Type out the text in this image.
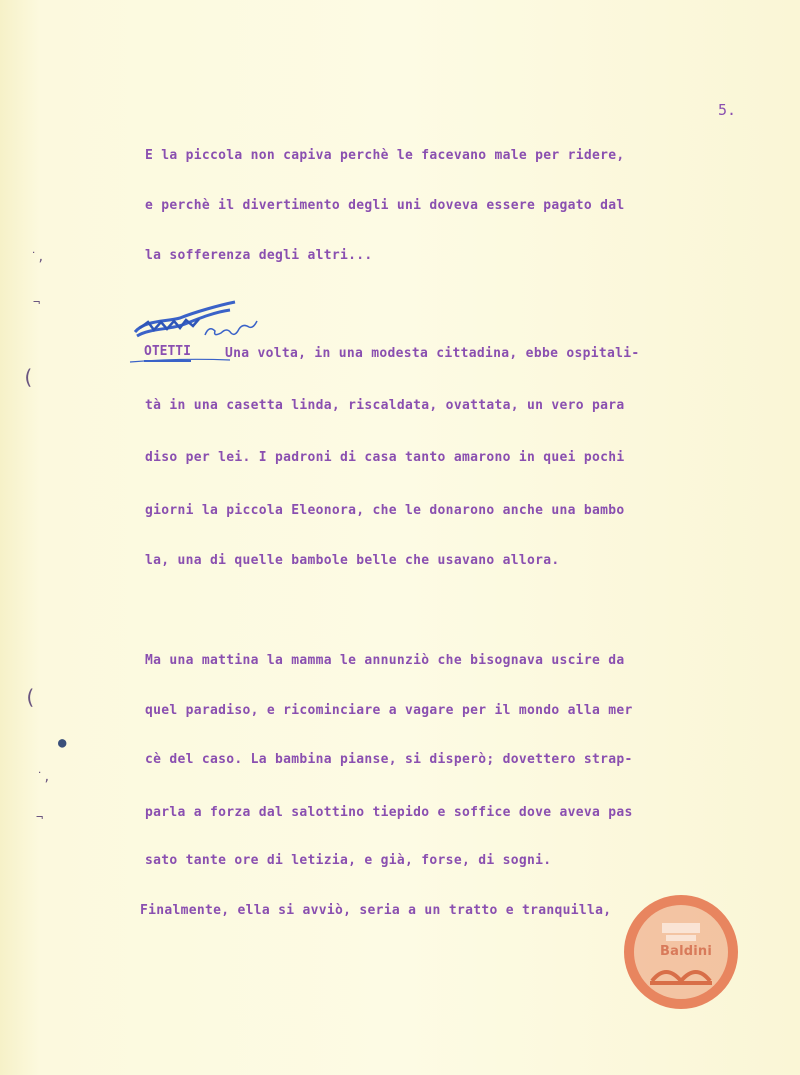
5.
E la piccola non capiva perchè le facevano male per ridere,
e perchè il divertimento degli uni doveva essere pagato dal
la sofferenza degli altri...
OTETTI	Una volta, in una modesta cittadina, ebbe ospitali-
tà in una casetta linda, riscaldata, ovattata, un vero para
diso per lei. I padroni di casa tanto amarono in quei pochi
giorni la piccola Eleonora, che le donarono anche una bambo
la, una di quelle bambole belle che usavano allora.
Ma una mattina la mamma le annunziò che bisognava uscire da
quel paradiso, e ricominciare a vagare per il mondo alla mer
cè del caso. La bambina pianse, si disperò; dovettero strap-
parla a forza dal salottino tiepido e soffice dove aveva pas
sato tante ore di letizia, e già, forse, di sogni.
Finalmente, ella si avviò, seria a un tratto e tranquilla,
˙,
¬
(
(
●
˙,
¬
Baldini
